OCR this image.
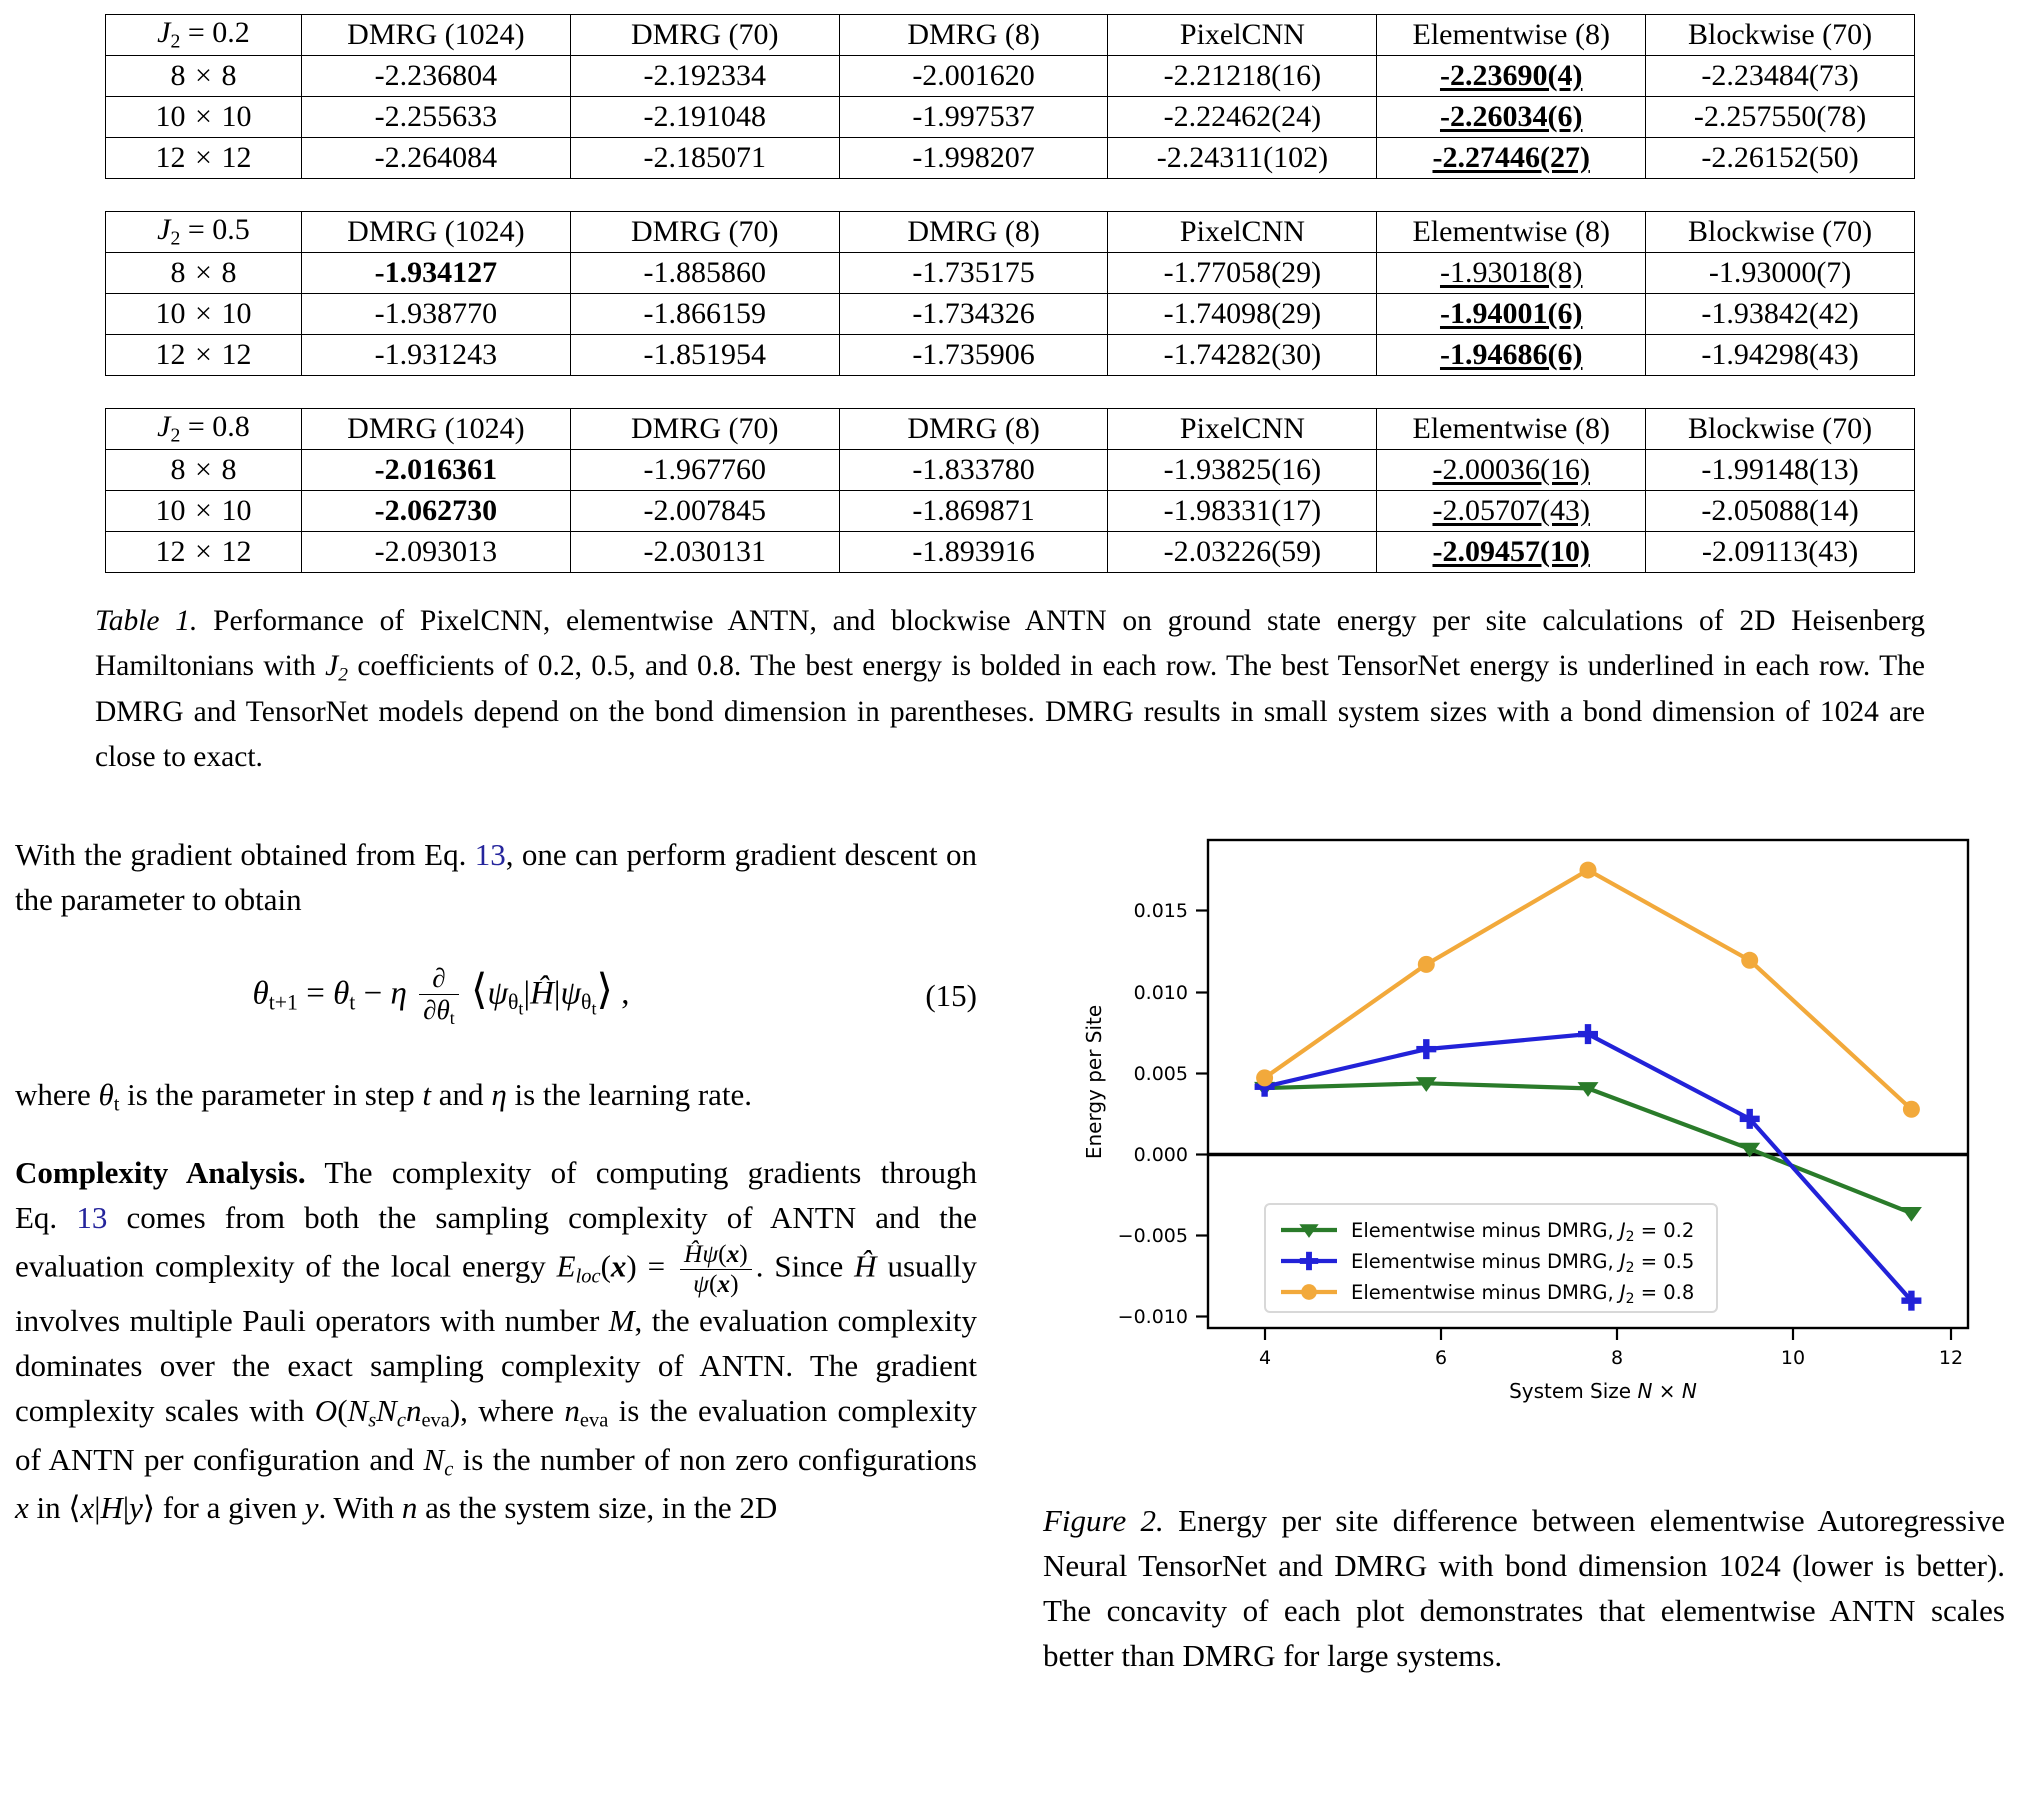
$J_2 = 0.2$	DMRG (1024)	DMRG (70)	DMRG (8)	PixelCNN	Elementwise (8)	Blockwise (70)
8 × 8	-2.236804	-2.192334	-2.001620	-2.21218(16)	-2.23690(4)	-2.23484(73)
10 × 10	-2.255633	-2.191048	-1.997537	-2.22462(24)	-2.26034(6)	-2.257550(78)
12 × 12	-2.264084	-2.185071	-1.998207	-2.24311(102)	-2.27446(27)	-2.26152(50)
$J_2 = 0.5$	DMRG (1024)	DMRG (70)	DMRG (8)	PixelCNN	Elementwise (8)	Blockwise (70)
8 × 8	-1.934127	-1.885860	-1.735175	-1.77058(29)	-1.93018(8)	-1.93000(7)
10 × 10	-1.938770	-1.866159	-1.734326	-1.74098(29)	-1.94001(6)	-1.93842(42)
12 × 12	-1.931243	-1.851954	-1.735906	-1.74282(30)	-1.94686(6)	-1.94298(43)
$J_2 = 0.8$	DMRG (1024)	DMRG (70)	DMRG (8)	PixelCNN	Elementwise (8)	Blockwise (70)
8 × 8	-2.016361	-1.967760	-1.833780	-1.93825(16)	-2.00036(16)	-1.99148(13)
10 × 10	-2.062730	-2.007845	-1.869871	-1.98331(17)	-2.05707(43)	-2.05088(14)
12 × 12	-2.093013	-2.030131	-1.893916	-2.03226(59)	-2.09457(10)	-2.09113(43)
Table 1. Performance of PixelCNN, elementwise ANTN, and blockwise ANTN on ground state energy per site calculations of 2D Heisenberg Hamiltonians with $J_2$ coefficients of 0.2, 0.5, and 0.8. The best energy is bolded in each row. The best TensorNet energy is underlined in each row. The DMRG and TensorNet models depend on the bond dimension in parentheses. DMRG results in small system sizes with a bond dimension of 1024 are close to exact.

With the gradient obtained from Eq. 13, one can perform gradient descent on the parameter to obtain

$\theta_{t+1} = \theta_t - \eta \frac{\partial}{\partial\theta_t}$ $⟨\psi_{\theta_t}|Ĥ|\psi_{\theta_t}⟩$ ,	(15)

where $\theta_t$ is the parameter in step t and η is the learning rate.

Complexity Analysis. The complexity of computing gradients through Eq. 13 comes from both the sampling complexity of ANTN and the evaluation complexity of the local energy $E_{loc}(x) = \frac{Ĥ\psi(x)}{\psi(x)}$ . Since Ĥ usually involves multiple Pauli operators with number M, the evaluation complexity dominates over the exact sampling complexity of ANTN. The gradient complexity scales with $O(N_sN_cn_{eva})$, where $n_{eva}$ is the evaluation complexity of ANTN per configuration and $N_c$ is the number of non zero configurations x in ⟨x|H|y⟩ for a given y. With n as the system size, in the 2D

0.015
0.010
0.005
0.000
−0.005
−0.010
4	6	8	10	12
Energy per Site
System Size N × N
Elementwise minus DMRG, J2 = 0.2
Elementwise minus DMRG, J2 = 0.5
Elementwise minus DMRG, J2 = 0.8
Figure 2. Energy per site difference between elementwise Autoregressive Neural TensorNet and DMRG with bond dimension 1024 (lower is better). The concavity of each plot demonstrates that elementwise ANTN scales better than DMRG for large systems.
